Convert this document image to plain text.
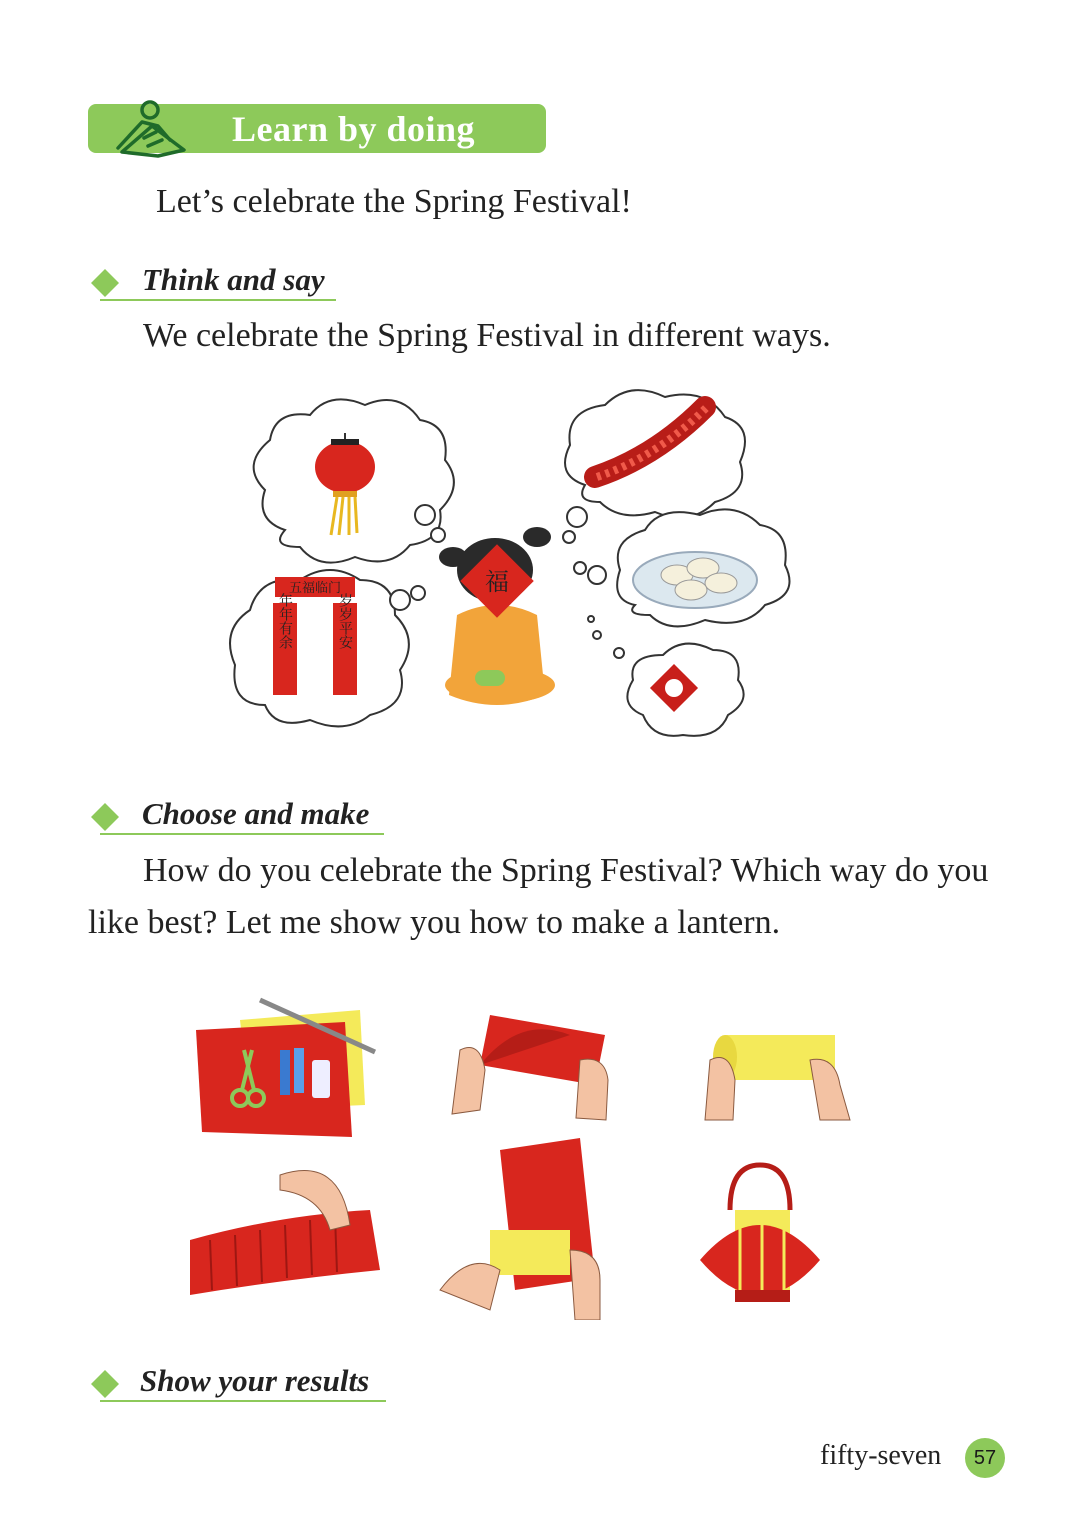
Learn by doing
Let’s celebrate the Spring Festival!
Think and say
We celebrate the Spring Festival in different ways.
五福临门
年年有余	岁岁平安
福
Choose and make
How do you celebrate the Spring Festival? Which way do you like best? Let me show you how to make a lantern.
Show your results
fifty-seven	57
